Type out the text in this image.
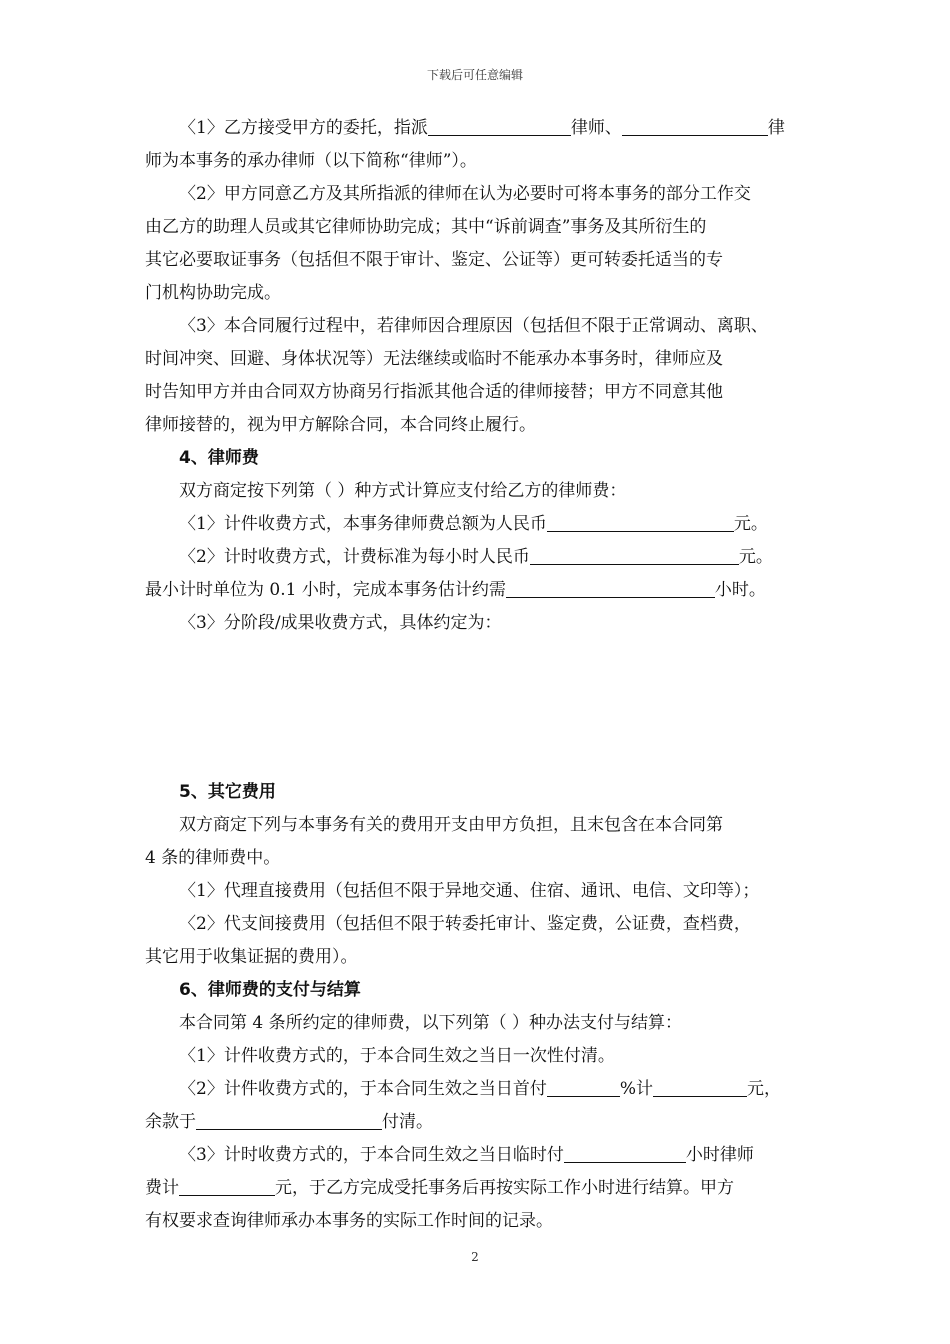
下载后可任意编辑

〈1〉乙方接受甲方的委托，指派	律师、	律

师为本事务的承办律师（以下简称“律师”）。

〈2〉甲方同意乙方及其所指派的律师在认为必要时可将本事务的部分工作交

由乙方的助理人员或其它律师协助完成；其中“诉前调查”事务及其所衍生的

其它必要取证事务（包括但不限于审计、鉴定、公证等）更可转委托适当的专

门机构协助完成。

〈3〉本合同履行过程中，若律师因合理原因（包括但不限于正常调动、离职、

时间冲突、回避、身体状况等）无法继续或临时不能承办本事务时，律师应及

时告知甲方并由合同双方协商另行指派其他合适的律师接替；甲方不同意其他

律师接替的，视为甲方解除合同，本合同终止履行。

4、律师费

双方商定按下列第（ ）种方式计算应支付给乙方的律师费：

〈1〉计件收费方式，本事务律师费总额为人民币	元。

〈2〉计时收费方式，计费标准为每小时人民币	元。

最小计时单位为 0.1 小时，完成本事务估计约需	小时。

〈3〉分阶段/成果收费方式，具体约定为：

5、其它费用

双方商定下列与本事务有关的费用开支由甲方负担，且末包含在本合同第

4 条的律师费中。

〈1〉代理直接费用（包括但不限于异地交通、住宿、通讯、电信、文印等）；

〈2〉代支间接费用（包括但不限于转委托审计、鉴定费，公证费，查档费，

其它用于收集证据的费用）。

6、律师费的支付与结算

本合同第 4 条所约定的律师费，以下列第（ ）种办法支付与结算：

〈1〉计件收费方式的，于本合同生效之当日一次性付清。

〈2〉计件收费方式的，于本合同生效之当日首付	%计	元，

余款于	付清。

〈3〉计时收费方式的，于本合同生效之当日临时付	小时律师

费计	元，于乙方完成受托事务后再按实际工作小时进行结算。甲方

有权要求查询律师承办本事务的实际工作时间的记录。

2
